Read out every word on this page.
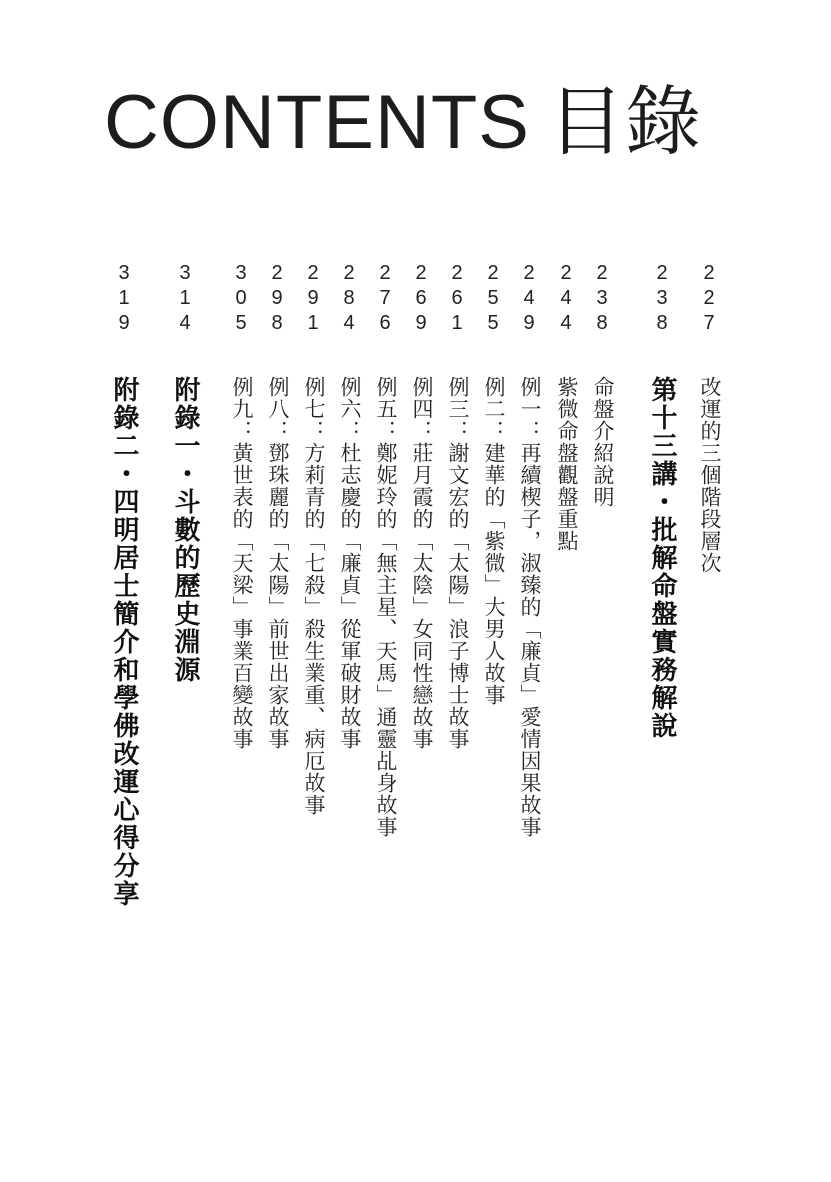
CONTENTS 目錄
227
改運的三個階段層次
238
第十三講・批解命盤實務解說
238
命盤介紹說明
244
紫微命盤觀盤重點
249
例一：再續楔子，淑臻的「廉貞」愛情因果故事
255
例二：建華的「紫微」大男人故事
261
例三：謝文宏的「太陽」浪子博士故事
269
例四：莊月霞的「太陰」女同性戀故事
276
例五：鄭妮玲的「無主星、天馬」通靈乩身故事
284
例六：杜志慶的「廉貞」從軍破財故事
291
例七：方莉青的「七殺」殺生業重、病厄故事
298
例八：鄧珠麗的「太陽」前世出家故事
305
例九：黃世表的「天梁」事業百變故事
314
附錄一・斗數的歷史淵源
319
附錄二・四明居士簡介和學佛改運心得分享
